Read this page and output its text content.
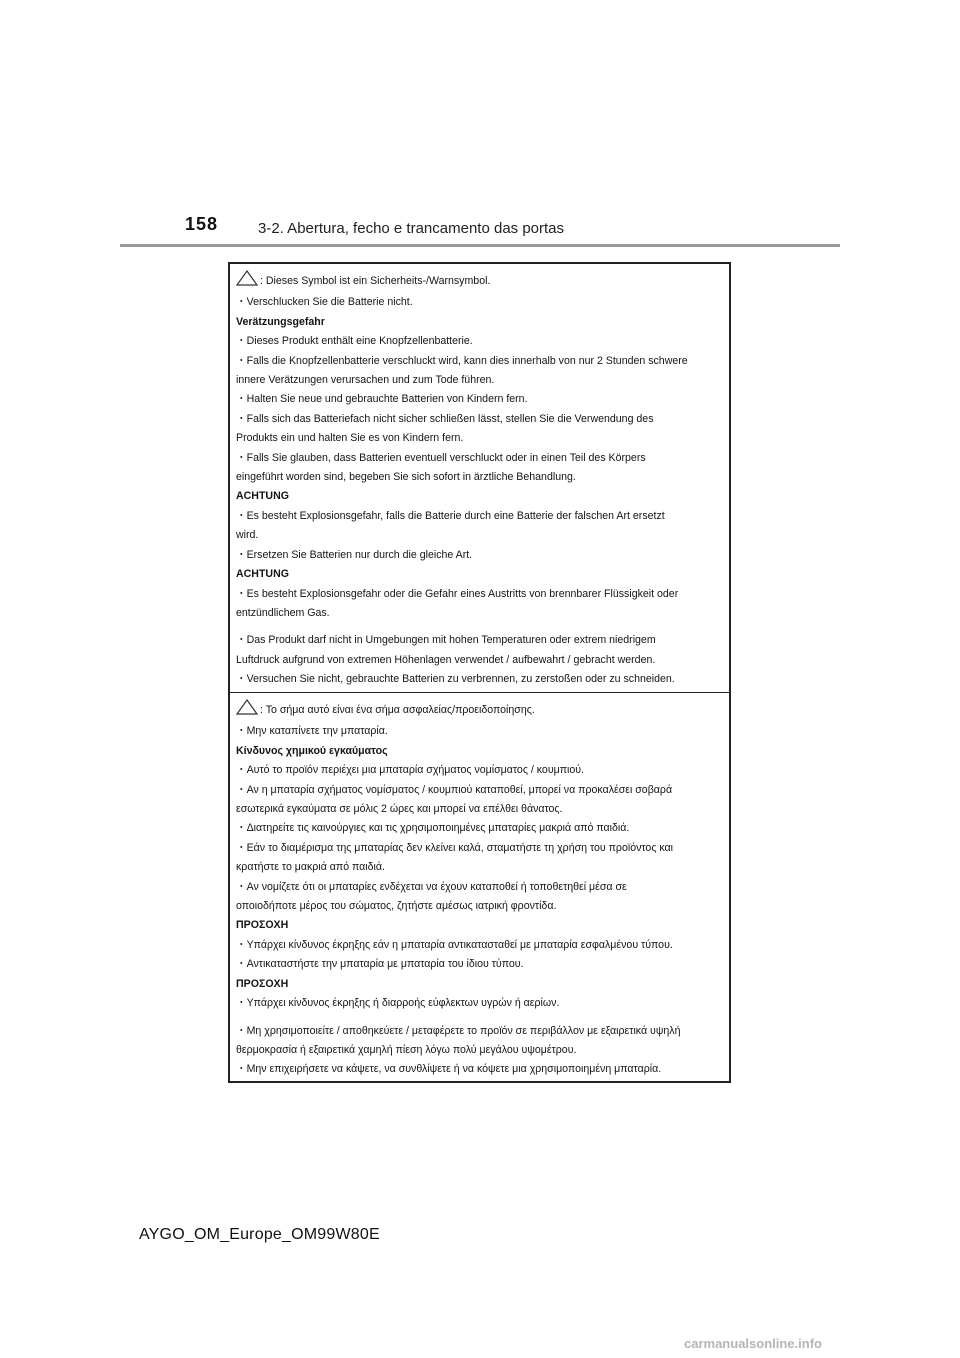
158	3-2. Abertura, fecho e trancamento das portas
: Dieses Symbol ist ein Sicherheits-/Warnsymbol.
・Verschlucken Sie die Batterie nicht.
Verätzungsgefahr
・Dieses Produkt enthält eine Knopfzellenbatterie.
・Falls die Knopfzellenbatterie verschluckt wird, kann dies innerhalb von nur 2 Stunden schwere
innere Verätzungen verursachen und zum Tode führen.
・Halten Sie neue und gebrauchte Batterien von Kindern fern.
・Falls sich das Batteriefach nicht sicher schließen lässt, stellen Sie die Verwendung des
Produkts ein und halten Sie es von Kindern fern.
・Falls Sie glauben, dass Batterien eventuell verschluckt oder in einen Teil des Körpers
eingeführt worden sind, begeben Sie sich sofort in ärztliche Behandlung.
ACHTUNG
・Es besteht Explosionsgefahr, falls die Batterie durch eine Batterie der falschen Art ersetzt
wird.
・Ersetzen Sie Batterien nur durch die gleiche Art.
ACHTUNG
・Es besteht Explosionsgefahr oder die Gefahr eines Austritts von brennbarer Flüssigkeit oder
entzündlichem Gas.
・Das Produkt darf nicht in Umgebungen mit hohen Temperaturen oder extrem niedrigem
Luftdruck aufgrund von extremen Höhenlagen verwendet / aufbewahrt / gebracht werden.
・Versuchen Sie nicht, gebrauchte Batterien zu verbrennen, zu zerstoßen oder zu schneiden.
: Το σήμα αυτό είναι ένα σήμα ασφαλείας/προειδοποίησης.
・Μην καταπίνετε την μπαταρία.
Κίνδυνος χημικού εγκαύματος
・Αυτό το προϊόν περιέχει μια μπαταρία σχήματος νομίσματος / κουμπιού.
・Αν η μπαταρία σχήματος νομίσματος / κουμπιού καταποθεί, μπορεί να προκαλέσει σοβαρά
εσωτερικά εγκαύματα σε μόλις 2 ώρες και μπορεί να επέλθει θάνατος.
・Διατηρείτε τις καινούργιες και τις χρησιμοποιημένες μπαταρίες μακριά από παιδιά.
・Εάν το διαμέρισμα της μπαταρίας δεν κλείνει καλά, σταματήστε τη χρήση του προϊόντος και
κρατήστε το μακριά από παιδιά.
・Αν νομίζετε ότι οι μπαταρίες ενδέχεται να έχουν καταποθεί ή τοποθετηθεί μέσα σε
οποιοδήποτε μέρος του σώματος, ζητήστε αμέσως ιατρική φροντίδα.
ΠΡΟΣΟΧΗ
・Υπάρχει κίνδυνος έκρηξης εάν η μπαταρία αντικατασταθεί με μπαταρία εσφαλμένου τύπου.
・Αντικαταστήστε την μπαταρία με μπαταρία του ίδιου τύπου.
ΠΡΟΣΟΧΗ
・Υπάρχει κίνδυνος έκρηξης ή διαρροής εύφλεκτων υγρών ή αερίων.
・Μη χρησιμοποιείτε / αποθηκεύετε / μεταφέρετε το προϊόν σε περιβάλλον με εξαιρετικά υψηλή
θερμοκρασία ή εξαιρετικά χαμηλή πίεση λόγω πολύ μεγάλου υψομέτρου.
・Μην επιχειρήσετε να κάψετε, να συνθλίψετε ή να κόψετε μια χρησιμοποιημένη μπαταρία.
AYGO_OM_Europe_OM99W80E
carmanualsonline.info
